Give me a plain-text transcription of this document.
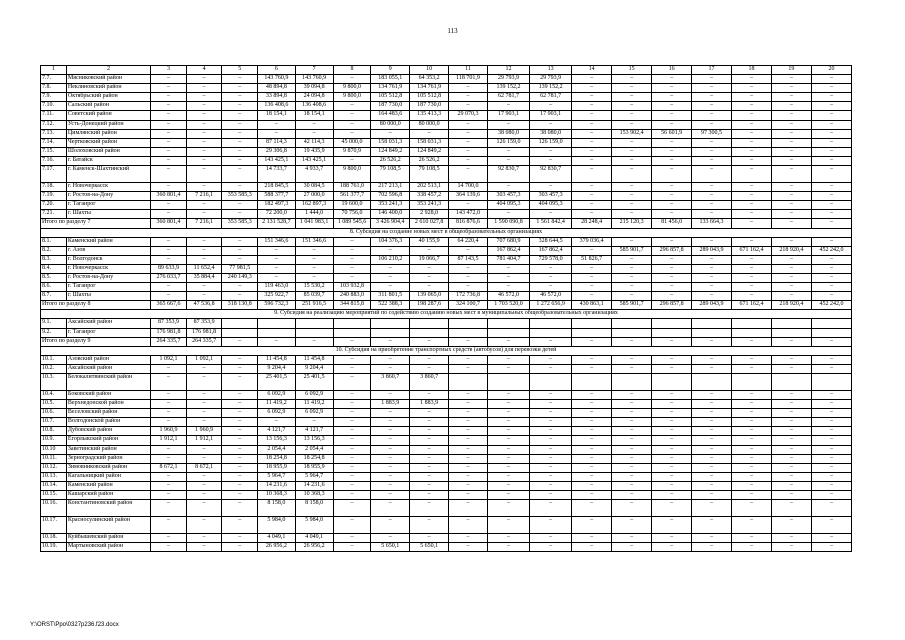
113
1	2	3	4	5	6	7	8	9	10	11	12	13	14	15	16	17	18	19	20
7.7.	Мясниковский район	–	–	–	143 760,9	143 760,9	–	183 055,1	64 353,2	118 701,9	29 793,9	29 793,9	–	–	–	–	–	–	–
7.8.	Неклиновский район	–	–	–	48 894,8	39 094,8	9 800,0	134 761,9	134 761,9	–	139 152,2	139 152,2	–	–	–	–	–	–	–
7.9.	Октябрьский район	–	–	–	33 894,8	24 094,8	9 800,0	105 512,8	105 512,8	–	62 781,7	62 781,7	–	–	–	–	–	–	–
7.10.	Сальский район	–	–	–	136 408,6	136 408,6	–	187 730,0	187 730,0	–	–	–	–	–	–	–	–	–	–
7.11.	Советский район	–	–	–	18 154,1	18 154,1	–	164 483,6	135 413,3	29 070,3	17 903,1	17 903,1	–	–	–	–	–	–	–
7.12.	Усть-Донецкий район	–	–	–	–	–	–	80 000,0	80 000,0	–	–	–	–	–	–	–	–	–	–
7.13.	Цимлянский район	–	–	–	–	–	–	–	–	–	38 080,0	38 080,0	–	153 902,4	56 601,9	97 300,5	–	–	–
7.14.	Чертковский район	–	–	–	87 114,3	42 114,3	45 000,0	158 031,3	158 031,3	–	126 159,0	126 159,0	–	–	–	–	–	–	–
7.15.	Шолоховский район	–	–	–	29 306,8	19 435,9	9 870,9	124 849,2	124 849,2	–	–	–	–	–	–	–	–	–	–
7.16.	г. Батайск	–	–	–	143 425,1	143 425,1	–	26 526,2	26 526,2	–	–	–	–	–	–	–	–	–	–
7.17.	г. Каменск-Шахтинский	–	–	–	14 733,7	4 933,7	9 800,0	79 108,5	79 108,5	–	92 830,7	92 830,7	–	–	–	–	–	–	–
7.18.	г. Новочеркасск	–	–	–	218 845,5	30 084,5	188 761,0	217 213,1	202 513,1	14 700,0	–	–	–	–	–	–	–	–	–
7.19.	г. Ростов-на-Дону	360 801,4	7 216,1	353 585,3	588 377,7	27 000,0	561 377,7	702 596,8	338 457,2	364 139,6	303 457,3	303 457,3	–	–	–	–	–	–	–
7.20.	г. Таганрог	–	–	–	182 497,3	162 897,3	19 600,0	353 241,3	353 241,3	–	404 095,3	404 095,3	–	–	–	–	–	–	–
7.21.	г. Шахты	–	–	–	72 200,0	1 444,0	70 756,0	146 400,0	2 928,0	143 472,0	–	–	–	–	–	–	–	–	–
Итого по разделу 7		360 801,4	7 216,1	353 585,3	2 131 528,7	1 041 983,1	1 089 545,6	3 426 904,4	2 610 027,8	816 876,6	1 590 090,8	1 561 842,4	28 248,4	215 120,3	81 456,0	133 664,3	–	–	–
8. Субсидия на создание новых мест в общеобразовательных организациях																			
8.1.	Каменский район	–	–	–	151 346,6	151 346,6	–	104 376,3	40 155,9	64 220,4	707 680,9	328 644,5	379 036,4	–	–	–	–	–	–
8.2.	г. Азов	–	–	–	–	–	–	–	–	–	167 862,4	167 862,4	–	585 901,7	296 857,8	289 043,9	671 162,4	218 920,4	452 242,0
8.3.	г. Волгодонск	–	–	–	–	–	–	106 210,2	19 066,7	87 143,5	781 404,7	729 578,0	51 826,7	–	–	–	–	–	–
8.4.	г. Новочеркасск	89 633,9	11 652,4	77 981,5	–	–	–	–	–	–	–	–	–	–	–	–	–	–	–
8.5.	г. Ростов-на-Дону	276 033,7	35 884,4	240 149,3	–	–	–	–	–	–	–	–	–	–	–	–	–	–	–
8.6.	г. Таганрог	–	–	–	119 463,0	15 530,2	103 932,8	–	–	–	–	–	–	–	–	–	–	–	–
8.7.	г. Шахты	–	–	–	325 922,7	85 039,7	240 883,0	311 801,5	139 065,0	172 736,8	46 572,0	46 572,0	–	–	–	–	–	–	–
Итого по разделу 8		365 667,6	47 536,8	318 130,8	596 732,3	251 916,5	344 815,8	522 388,3	198 287,6	324 100,7	1 703 520,0	1 272 656,9	430 863,1	585 901,7	296 857,8	289 043,9	671 162,4	218 920,4	452 242,0
9. Субсидия на реализацию мероприятий по содействию созданию новых мест в муниципальных общеобразовательных организациях																			
9.1.	Аксайский район	87 353,9	87 353,9																
9.2.	г. Таганрог	176 981,8	176 981,8																
Итого по разделу 9		264 335,7	264 335,7	–	–	–	–	–	–	–	–	–	–	–	–	–	–	–	–
10. Субсидия на приобретение транспортных средств (автобусов) для перевозки детей																			
10.1.	Азовский район	1 092,1	1 092,1	–	11 454,8	11 454,8	–	–	–	–	–	–	–	–	–	–	–	–	–
10.2.	Аксайский район	–	–	–	9 204,4	9 204,4	–	–	–	–	–	–	–	–	–	–	–	–	–
10.3.	Белокалитвинский район	–	–	–	25 401,5	25 401,5	–	3 860,7	3 860,7										
10.4.	Боковский район	–	–	–	6 092,9	6 092,9	–	–	–	–	–	–	–	–	–	–	–	–	–
10.5.	Верхнедонской район	–	–	–	11 419,2	11 419,2	–	1 883,9	1 883,9	–	–	–	–	–	–	–	–	–	–
10.6.	Веселовский район	–	–	–	6 092,9	6 092,9	–	–	–	–	–	–	–	–	–	–	–	–	–
10.7.	Волгодонской район	–	–	–	–	–	–	–	–	–	–	–	–	–	–	–	–	–	–
10.8.	Дубовский район	1 960,9	1 960,9	–	4 121,7	4 121,7	–	–	–	–	–	–	–	–	–	–	–	–	–
10.9.	Егорлыкский район	1 912,1	1 912,1	–	13 156,3	13 156,3	–	–	–	–	–	–	–	–	–	–	–	–	–
10.10	Заветинский район	–	–	–	2 054,4	2 054,4	–	–	–	–	–	–	–	–	–	–	–	–	–
10.11.	Зерноградский район	–	–	–	18 254,8	18 254,8	–	–	–	–	–	–	–	–	–	–	–	–	–
10.12.	Зимовниковский район	8 672,1	8 672,1	–	18 955,9	18 955,9	–	–	–	–	–	–	–	–	–	–	–	–	–
10.13.	Кагальницкий район	–	–	–	5 964,7	5 964,7	–	–	–	–	–	–	–	–	–	–	–	–	–
10.14.	Каменский район	–	–	–	14 231,6	14 231,6	–	–	–	–	–	–	–	–	–	–	–	–	–
10.15.	Кашарский район	–	–	–	10 368,3	10 368,3	–	–	–	–	–	–	–	–	–	–	–	–	–
10.16.	Константиновский район	–	–	–	8 158,0	8 158,0	–	–	–	–	–	–	–	–	–	–	–	–	–
10.17.	Красносулинский район	–	–	–	5 984,0	5 984,0	–	–	–	–	–	–	–	–	–	–	–	–	–
10.18.	Куйбышевский район	–	–	–	4 049,1	4 049,1	–	–	–	–	–	–	–	–	–	–	–	–	–
10.19.	Мартыновский район	–	–	–	26 956,2	26 956,2	–	5 650,1	5 650,1	–	–	–	–	–	–	–	–	–	–
Y:\ORST\Ppo\0327p236.f23.docx
